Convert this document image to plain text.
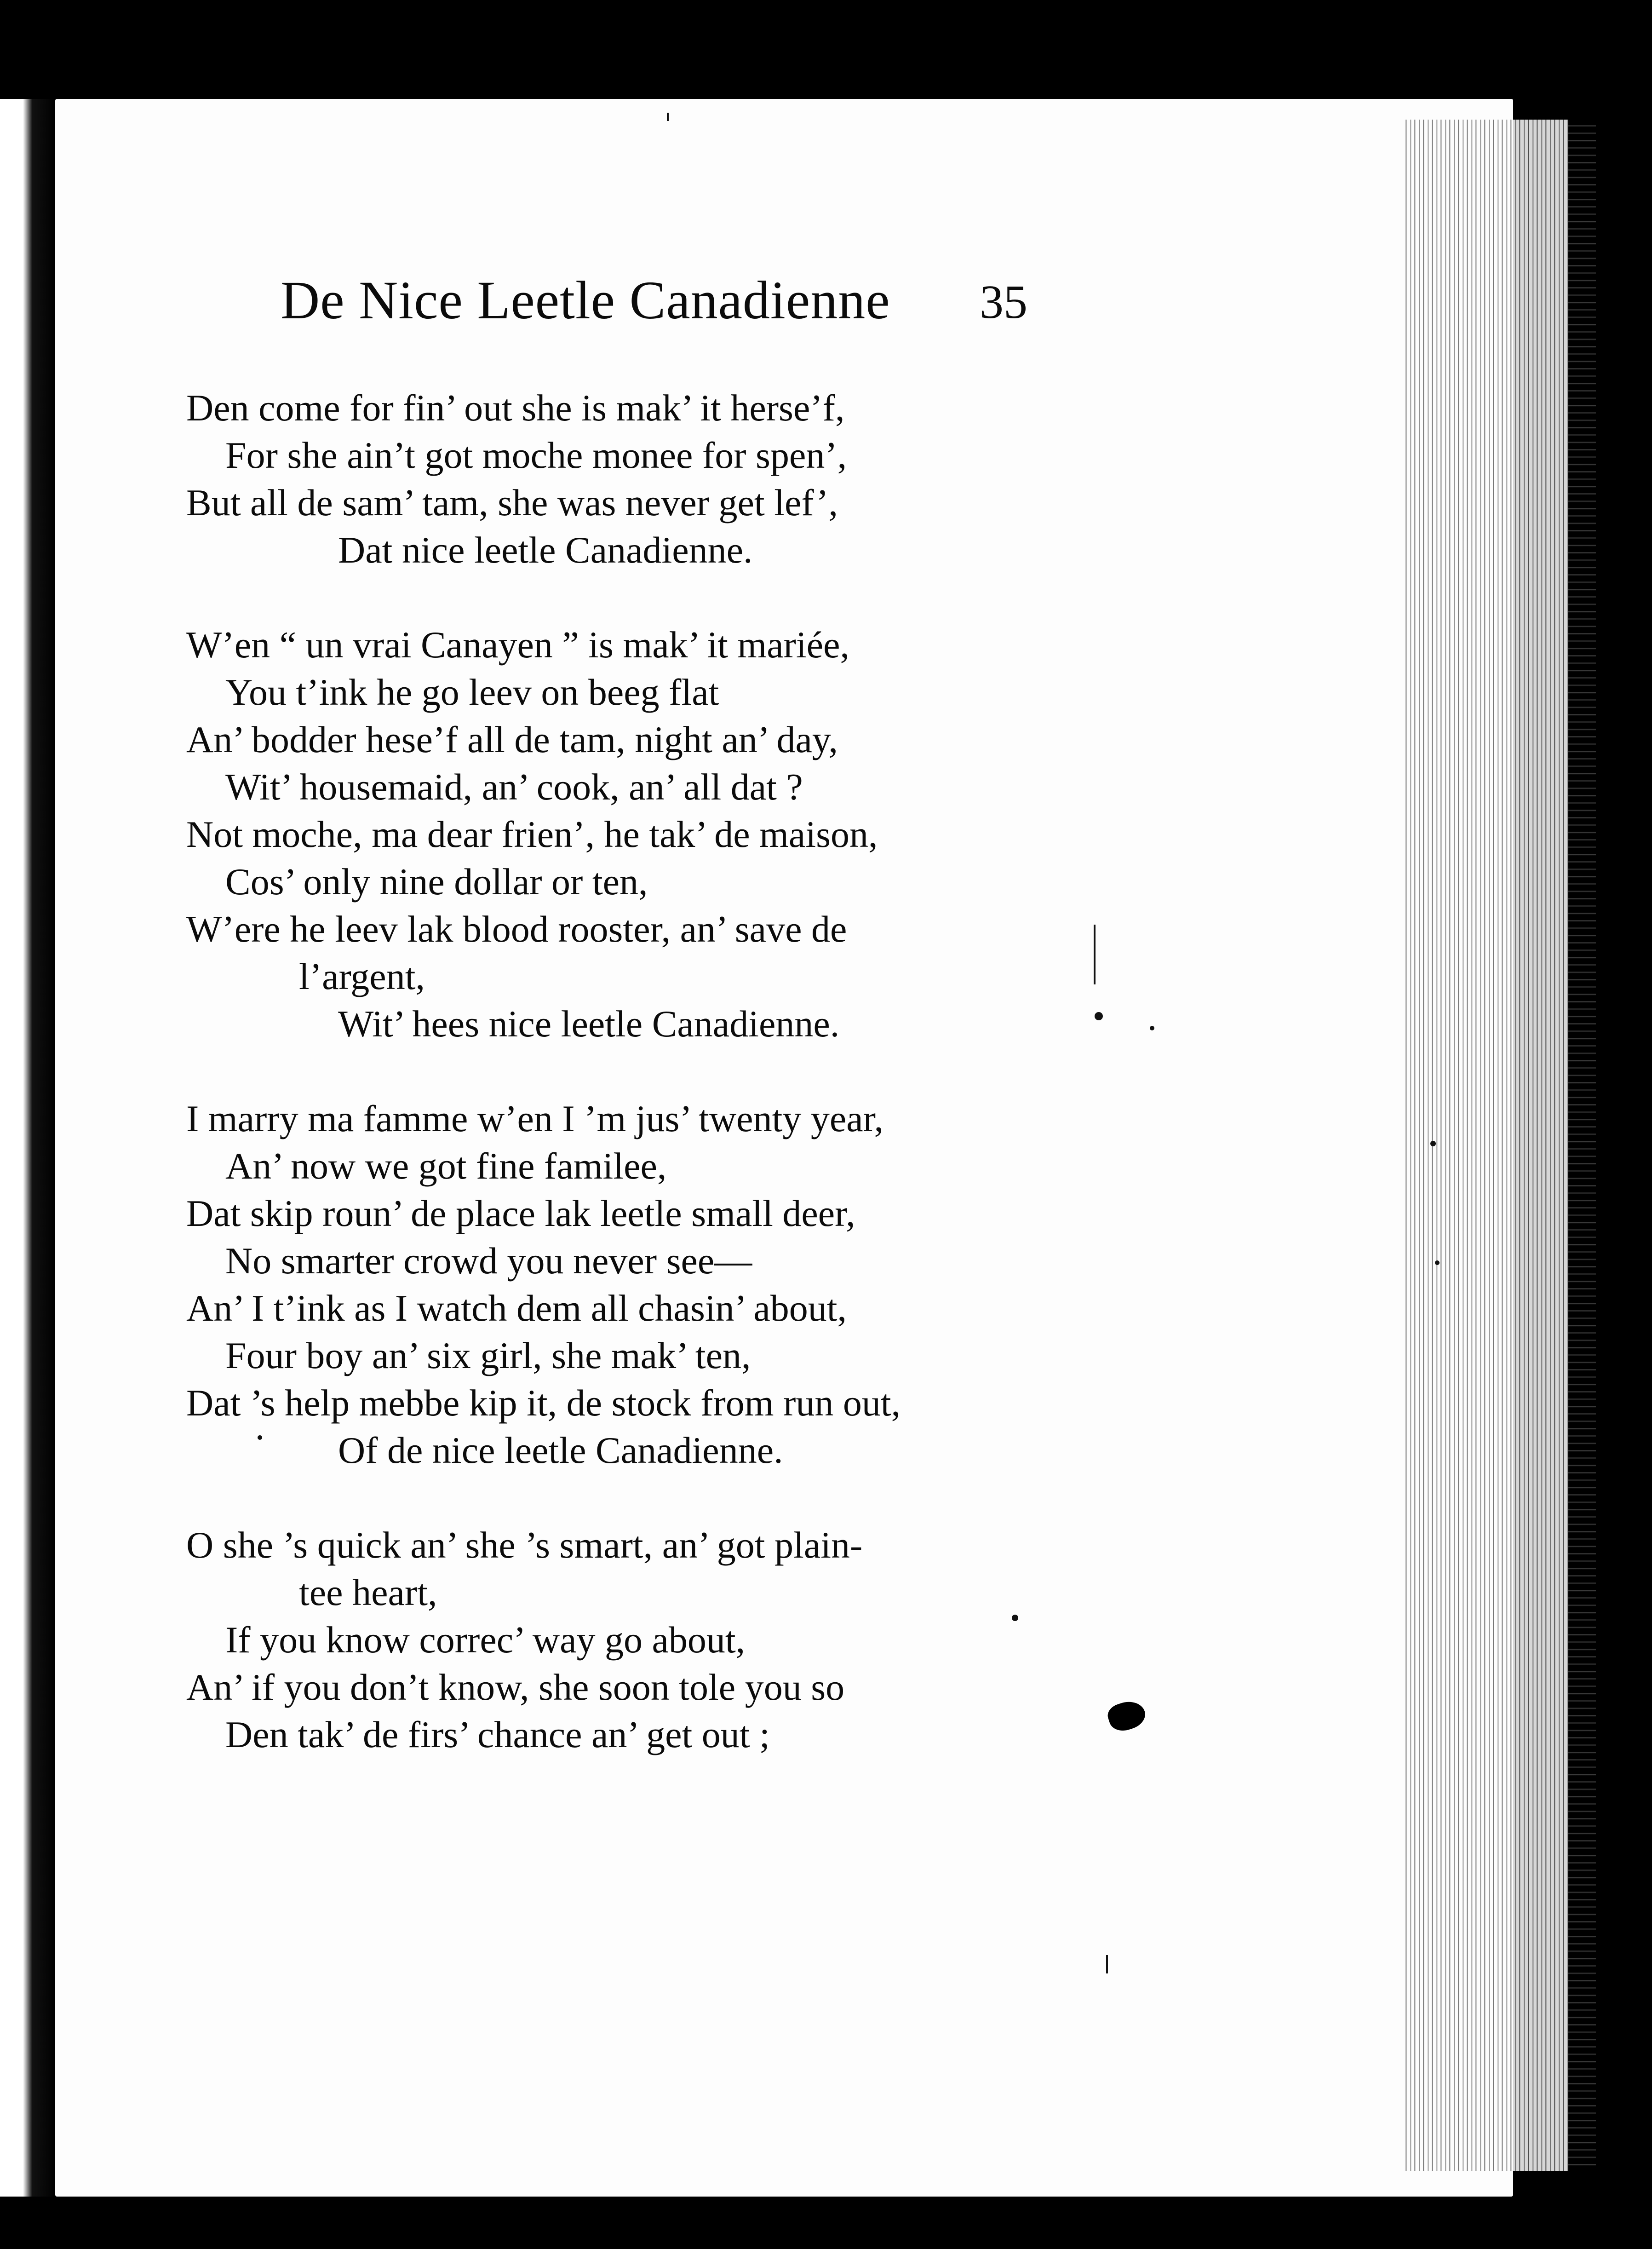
De Nice Leetle Canadienne 35
Den come for fin’ out she is mak’ it herse’f,
For she ain’t got moche monee for spen’,
But all de sam’ tam, she was never get lef’,
Dat nice leetle Canadienne.
W’en “ un vrai Canayen ” is mak’ it mariée,
You t’ink he go leev on beeg flat
An’ bodder hese’f all de tam, night an’ day,
Wit’ housemaid, an’ cook, an’ all dat ?
Not moche, ma dear frien’, he tak’ de maison,
Cos’ only nine dollar or ten,
W’ere he leev lak blood rooster, an’ save de
l’argent,
Wit’ hees nice leetle Canadienne.
I marry ma famme w’en I ’m jus’ twenty year,
An’ now we got fine familee,
Dat skip roun’ de place lak leetle small deer,
No smarter crowd you never see—
An’ I t’ink as I watch dem all chasin’ about,
Four boy an’ six girl, she mak’ ten,
Dat ’s help mebbe kip it, de stock from run out,
Of de nice leetle Canadienne.
O she ’s quick an’ she ’s smart, an’ got plain-
tee heart,
If you know correc’ way go about,
An’ if you don’t know, she soon tole you so
Den tak’ de firs’ chance an’ get out ;
